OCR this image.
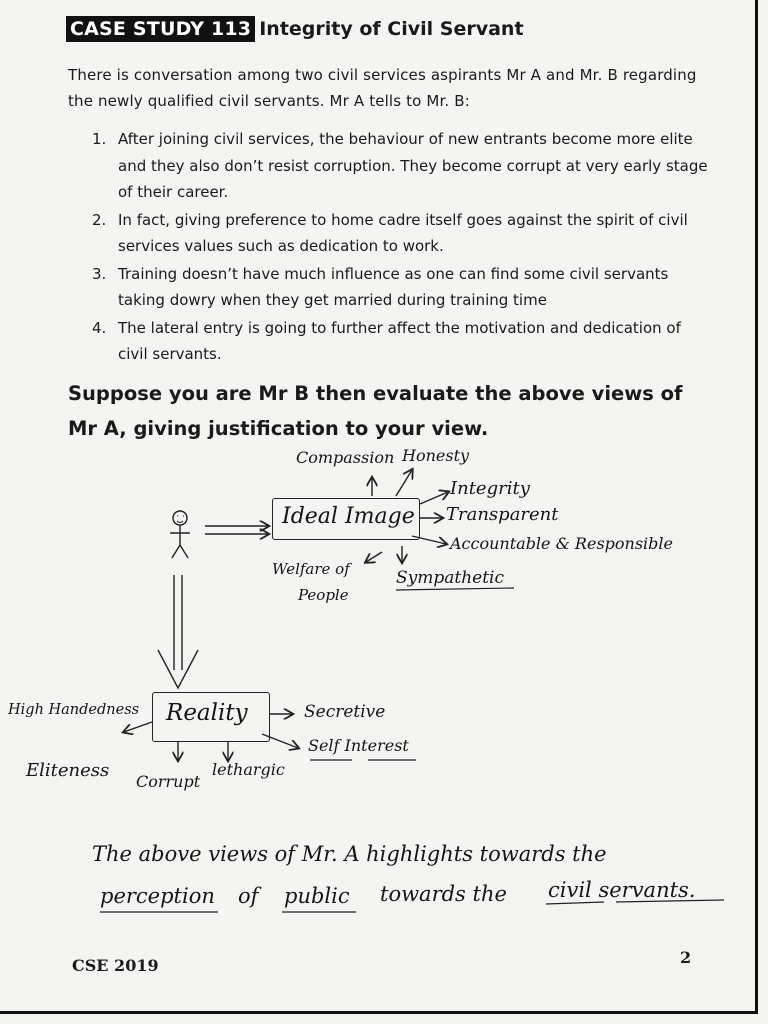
CASE STUDY 113 Integrity of Civil Servant
There is conversation among two civil services aspirants Mr A and Mr. B regarding the newly qualified civil servants. Mr A tells to Mr. B:
1. After joining civil services, the behaviour of new entrants become more elite and they also don’t resist corruption. They become corrupt at very early stage of their career.
2. In fact, giving preference to home cadre itself goes against the spirit of civil services values such as dedication to work.
3. Training doesn’t have much influence as one can find some civil servants taking dowry when they get married during training time
4. The lateral entry is going to further affect the motivation and dedication of civil servants.
Suppose you are Mr B then evaluate the above views of Mr A, giving justification to your view.
Ideal Image
Compassion Honesty
Integrity
Transparent
Accountable & Responsible
Welfare of
People
Sympathetic
Reality
High Handedness	Secretive
Self Interest
Eliteness
Corrupt
lethargic
The above views of Mr. A highlights towards the
perception of public towards the civil servants.
CSE 2019	2
